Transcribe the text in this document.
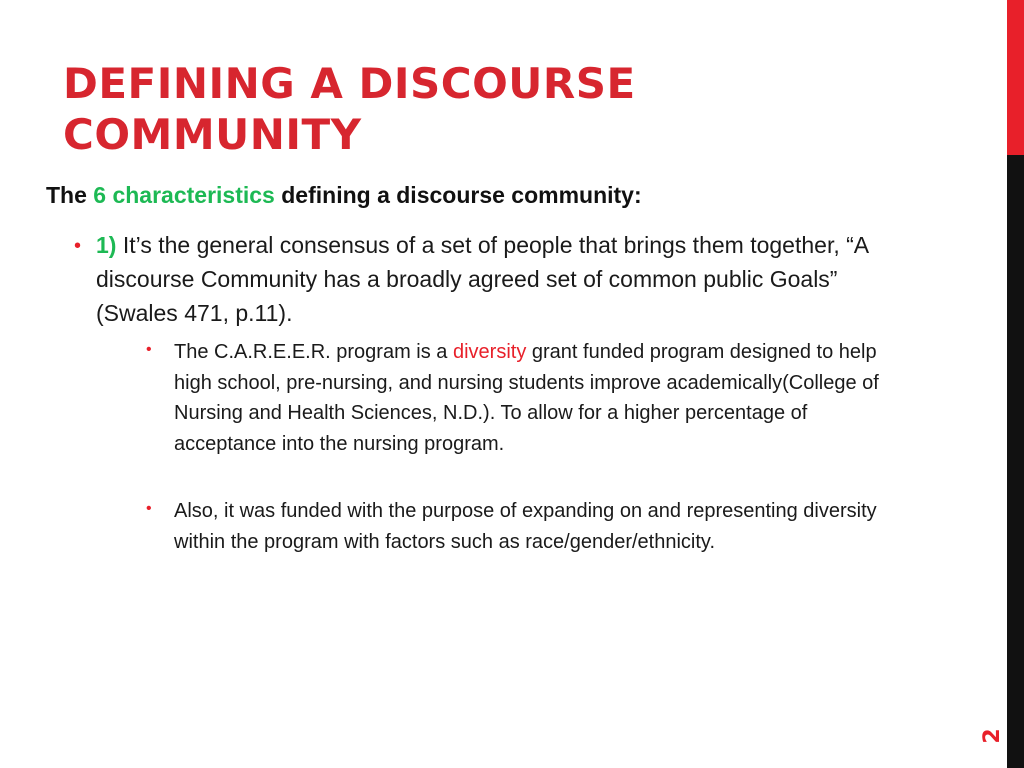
DEFINING A DISCOURSE
COMMUNITY
The 6 characteristics defining a discourse community:
• 1) It’s the general consensus of a set of people that brings them together, “A discourse Community has a broadly agreed set of common public Goals” (Swales 471, p.11).
• The C.A.R.E.E.R. program is a diversity grant funded program designed to help high school, pre-nursing, and nursing students improve academically(College of Nursing and Health Sciences, N.D.). To allow for a higher percentage of acceptance into the nursing program.
• Also, it was funded with the purpose of expanding on and representing diversity within the program with factors such as race/gender/ethnicity.
2
